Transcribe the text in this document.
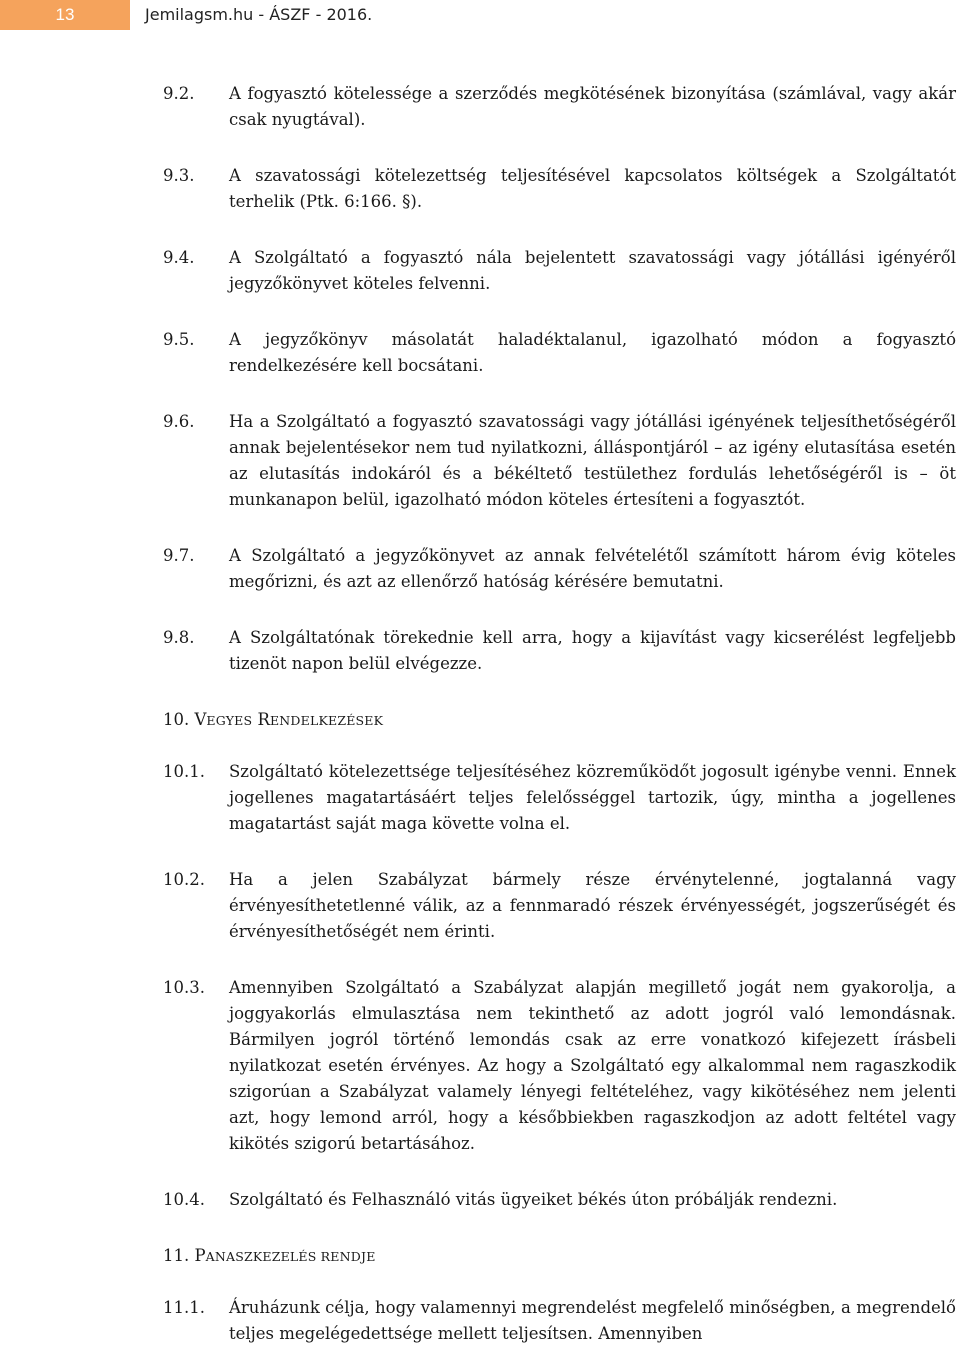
13	Jemilagsm.hu - ÁSZF - 2016.
9.2. A fogyasztó kötelessége a szerződés megkötésének bizonyítása (számlával, vagy akár csak nyugtával).
9.3. A szavatossági kötelezettség teljesítésével kapcsolatos költségek a Szolgáltatót terhelik (Ptk. 6:166. §).
9.4. A Szolgáltató a fogyasztó nála bejelentett szavatossági vagy jótállási igényéről jegyzőkönyvet köteles felvenni.
9.5. A jegyzőkönyv másolatát haladéktalanul, igazolható módon a fogyasztó rendelkezésére kell bocsátani.
9.6. Ha a Szolgáltató a fogyasztó szavatossági vagy jótállási igényének teljesíthetőségéről annak bejelentésekor nem tud nyilatkozni, álláspontjáról – az igény elutasítása esetén az elutasítás indokáról és a békéltető testülethez fordulás lehetőségéről is – öt munkanapon belül, igazolható módon köteles értesíteni a fogyasztót.
9.7. A Szolgáltató a jegyzőkönyvet az annak felvételétől számított három évig köteles megőrizni, és azt az ellenőrző hatóság kérésére bemutatni.
9.8. A Szolgáltatónak törekednie kell arra, hogy a kijavítást vagy kicserélést legfeljebb tizenöt napon belül elvégezze.
10. VEGYES RENDELKEZÉSEK
10.1. Szolgáltató kötelezettsége teljesítéséhez közreműködőt jogosult igénybe venni. Ennek jogellenes magatartásáért teljes felelősséggel tartozik, úgy, mintha a jogellenes magatartást saját maga követte volna el.
10.2. Ha a jelen Szabályzat bármely része érvénytelenné, jogtalanná vagy érvényesíthetetlenné válik, az a fennmaradó részek érvényességét, jogszerűségét és érvényesíthetőségét nem érinti.
10.3. Amennyiben Szolgáltató a Szabályzat alapján megillető jogát nem gyakorolja, a joggyakorlás elmulasztása nem tekinthető az adott jogról való lemondásnak. Bármilyen jogról történő lemondás csak az erre vonatkozó kifejezett írásbeli nyilatkozat esetén érvényes. Az hogy a Szolgáltató egy alkalommal nem ragaszkodik szigorúan a Szabályzat valamely lényegi feltételéhez, vagy kikötéséhez nem jelenti azt, hogy lemond arról, hogy a későbbiekben ragaszkodjon az adott feltétel vagy kikötés szigorú betartásához.
10.4. Szolgáltató és Felhasználó vitás ügyeiket békés úton próbálják rendezni.
11. PANASZKEZELÉS RENDJE
11.1. Áruházunk célja, hogy valamennyi megrendelést megfelelő minőségben, a megrendelő teljes megelégedettsége mellett teljesítsen. Amennyiben
